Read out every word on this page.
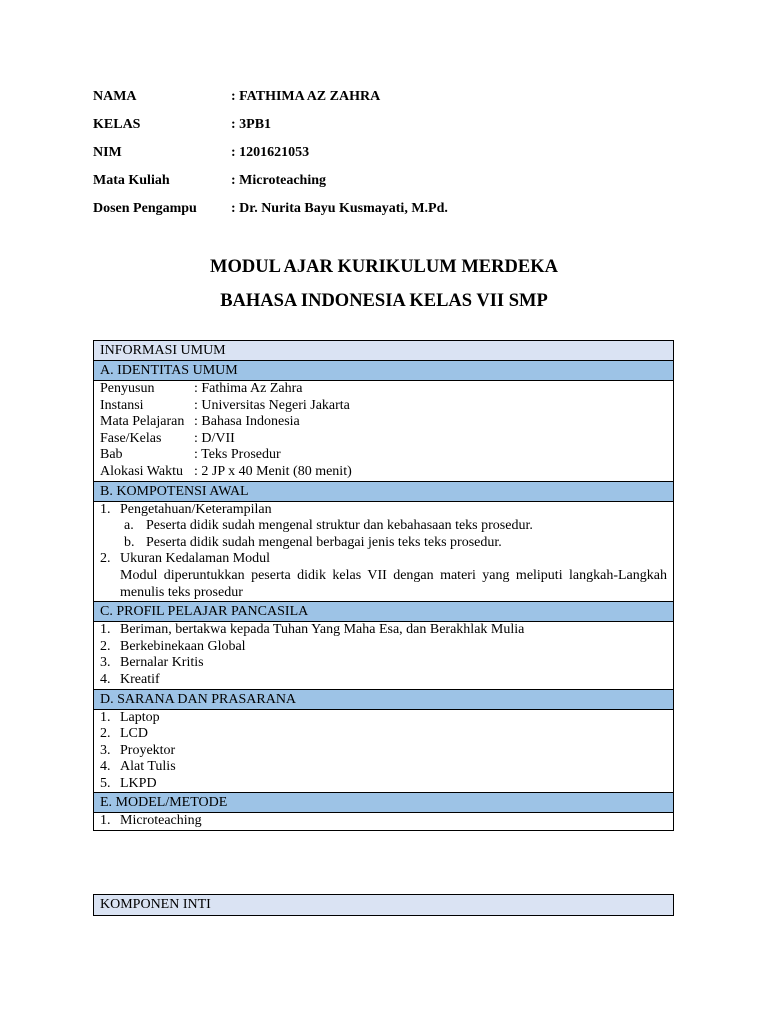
NAMA	: FATHIMA AZ ZAHRA
KELAS	: 3PB1
NIM	: 1201621053
Mata Kuliah	: Microteaching
Dosen Pengampu : Dr. Nurita Bayu Kusmayati, M.Pd.
MODUL AJAR KURIKULUM MERDEKA
BAHASA INDONESIA KELAS VII SMP
INFORMASI UMUM
A. IDENTITAS UMUM
Penyusun	: Fathima Az Zahra
Instansi	: Universitas Negeri Jakarta
Mata Pelajaran : Bahasa Indonesia
Fase/Kelas	: D/VII
Bab	: Teks Prosedur
Alokasi Waktu : 2 JP x 40 Menit (80 menit)
B. KOMPOTENSI AWAL
1. Pengetahuan/Keterampilan
a. Peserta didik sudah mengenal struktur dan kebahasaan teks prosedur.
b. Peserta didik sudah mengenal berbagai jenis teks teks prosedur.
2. Ukuran Kedalaman Modul
Modul diperuntukkan peserta didik kelas VII dengan materi yang meliputi langkah-Langkah menulis teks prosedur
C. PROFIL PELAJAR PANCASILA
1. Beriman, bertakwa kepada Tuhan Yang Maha Esa, dan Berakhlak Mulia
2. Berkebinekaan Global
3. Bernalar Kritis
4. Kreatif
D. SARANA DAN PRASARANA
1. Laptop
2. LCD
3. Proyektor
4. Alat Tulis
5. LKPD
E. MODEL/METODE
1. Microteaching
KOMPONEN INTI
